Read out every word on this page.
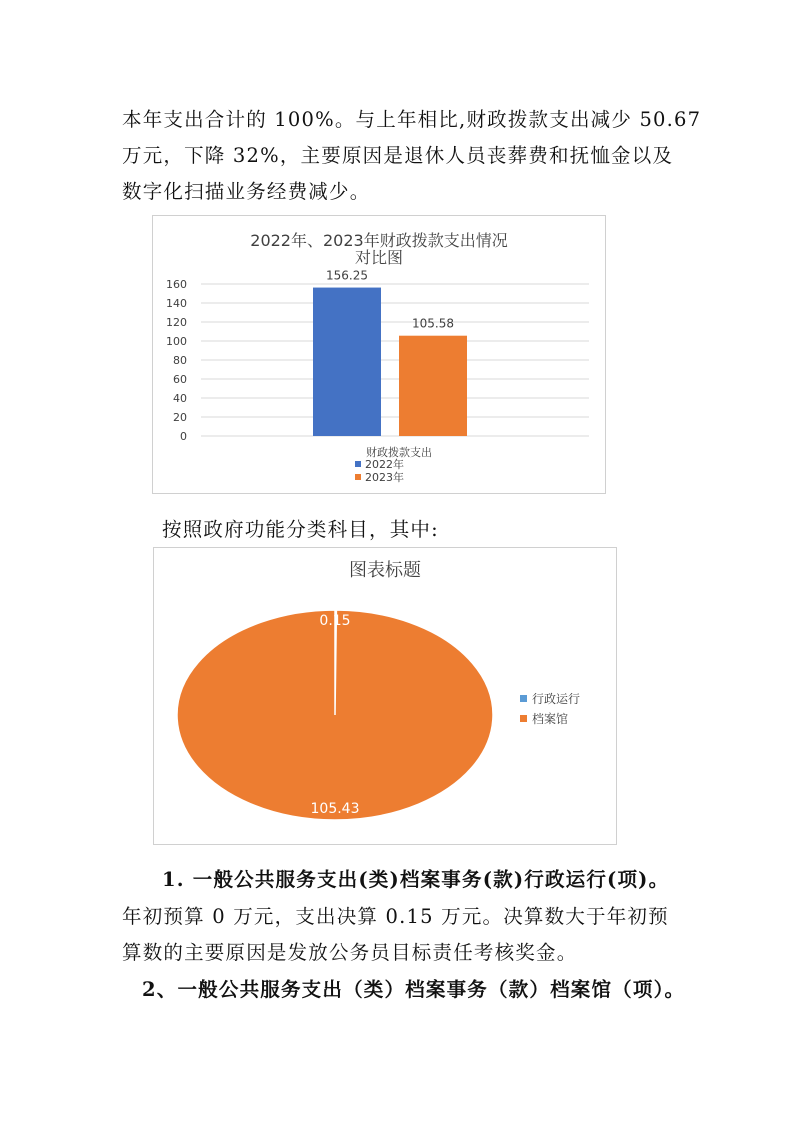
本年支出合计的 100%。与上年相比,财政拨款支出减少 50.67
万元，下降 32%，主要原因是退休人员丧葬费和抚恤金以及
数字化扫描业务经费减少。
2022年、2023年财政拨款支出情况
对比图
0
20
40
60
80
100
120
140
160
156.25
105.58
财政拨款支出
2022年
2023年
按照政府功能分类科目，其中:
图表标题
0.15
105.43
行政运行
档案馆
1. 一般公共服务支出(类)档案事务(款)行政运行(项)。
年初预算 0 万元，支出决算 0.15 万元。决算数大于年初预
算数的主要原因是发放公务员目标责任考核奖金。
2、一般公共服务支出（类）档案事务（款）档案馆（项）。
